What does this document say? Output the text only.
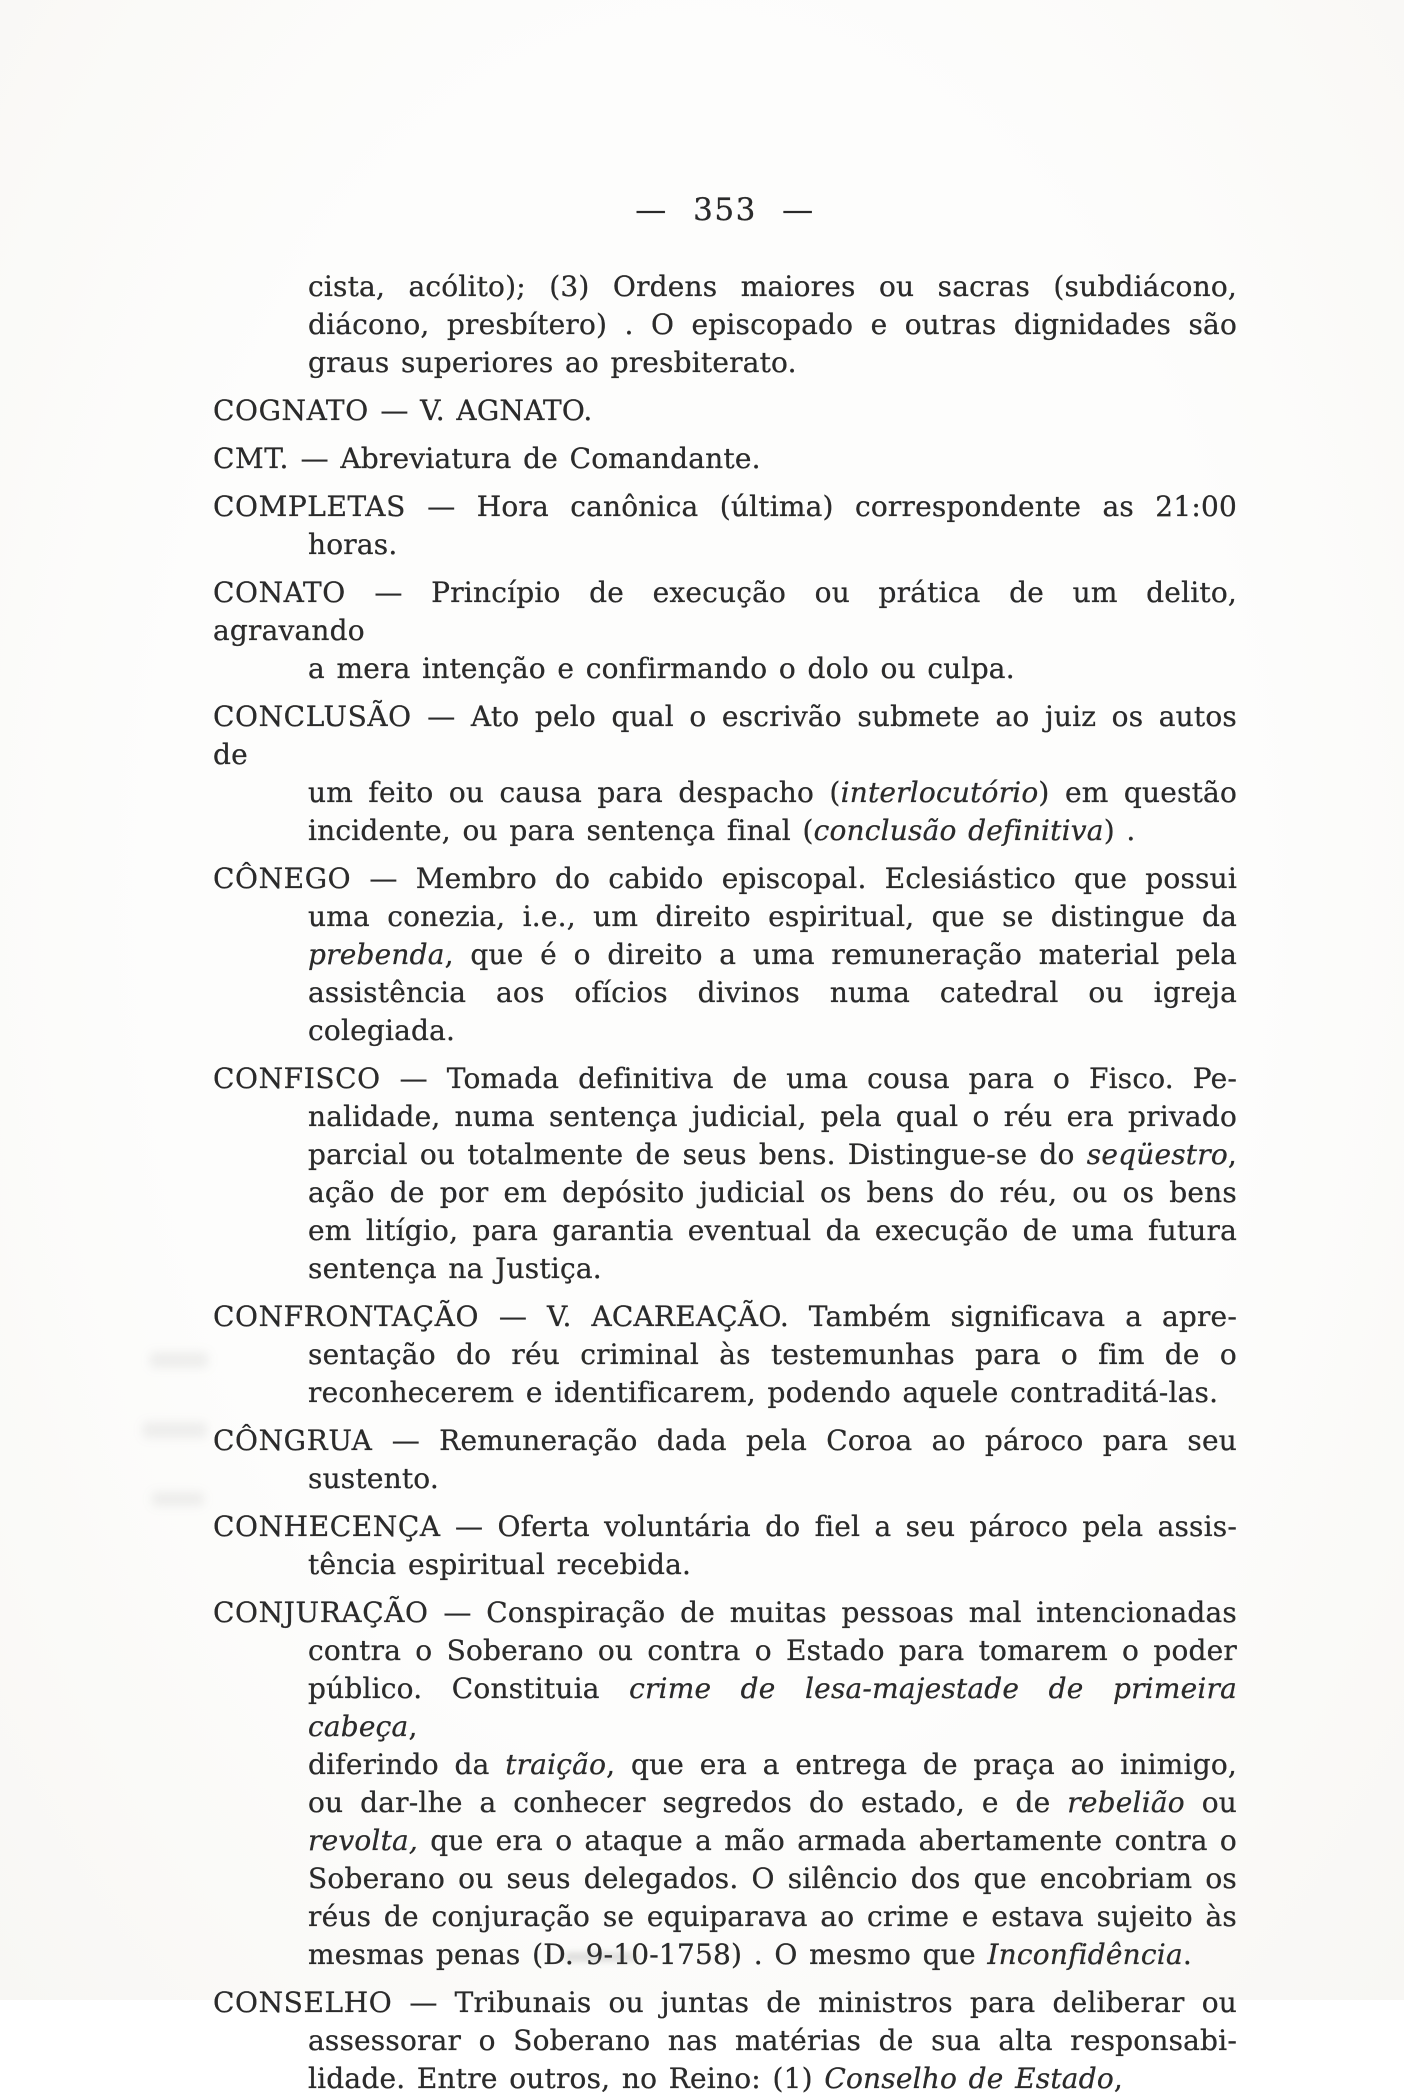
— 353 —
cista, acólito); (3) Ordens maiores ou sacras (subdiácono,
diácono, presbítero) . O episcopado e outras dignidades são
graus superiores ao presbiterato.
COGNATO — V. AGNATO.
CMT. — Abreviatura de Comandante.
COMPLETAS — Hora canônica (última) correspondente as 21:00
horas.
CONATO — Princípio de execução ou prática de um delito, agravando
a mera intenção e confirmando o dolo ou culpa.
CONCLUSÃO — Ato pelo qual o escrivão submete ao juiz os autos de
um feito ou causa para despacho (interlocutório) em questão
incidente, ou para sentença final (conclusão definitiva) .
CÔNEGO — Membro do cabido episcopal. Eclesiástico que possui
uma conezia, i.e., um direito espiritual, que se distingue da
prebenda, que é o direito a uma remuneração material pela
assistência aos ofícios divinos numa catedral ou igreja colegiada.
CONFISCO — Tomada definitiva de uma cousa para o Fisco. Pe-
nalidade, numa sentença judicial, pela qual o réu era privado
parcial ou totalmente de seus bens. Distingue-se do seqüestro,
ação de por em depósito judicial os bens do réu, ou os bens
em litígio, para garantia eventual da execução de uma futura
sentença na Justiça.
CONFRONTAÇÃO — V. ACAREAÇÃO. Também significava a apre-
sentação do réu criminal às testemunhas para o fim de o
reconhecerem e identificarem, podendo aquele contraditá-las.
CÔNGRUA — Remuneração dada pela Coroa ao pároco para seu
sustento.
CONHECENÇA — Oferta voluntária do fiel a seu pároco pela assis-
tência espiritual recebida.
CONJURAÇÃO — Conspiração de muitas pessoas mal intencionadas
contra o Soberano ou contra o Estado para tomarem o poder
público. Constituia crime de lesa-majestade de primeira cabeça,
diferindo da traição, que era a entrega de praça ao inimigo,
ou dar-lhe a conhecer segredos do estado, e de rebelião ou
revolta, que era o ataque a mão armada abertamente contra o
Soberano ou seus delegados. O silêncio dos que encobriam os
réus de conjuração se equiparava ao crime e estava sujeito às
mesmas penas (D. 9-10-1758) . O mesmo que Inconfidência.
CONSELHO — Tribunais ou juntas de ministros para deliberar ou
assessorar o Soberano nas matérias de sua alta responsabi-
lidade. Entre outros, no Reino: (1) Conselho de Estado,
